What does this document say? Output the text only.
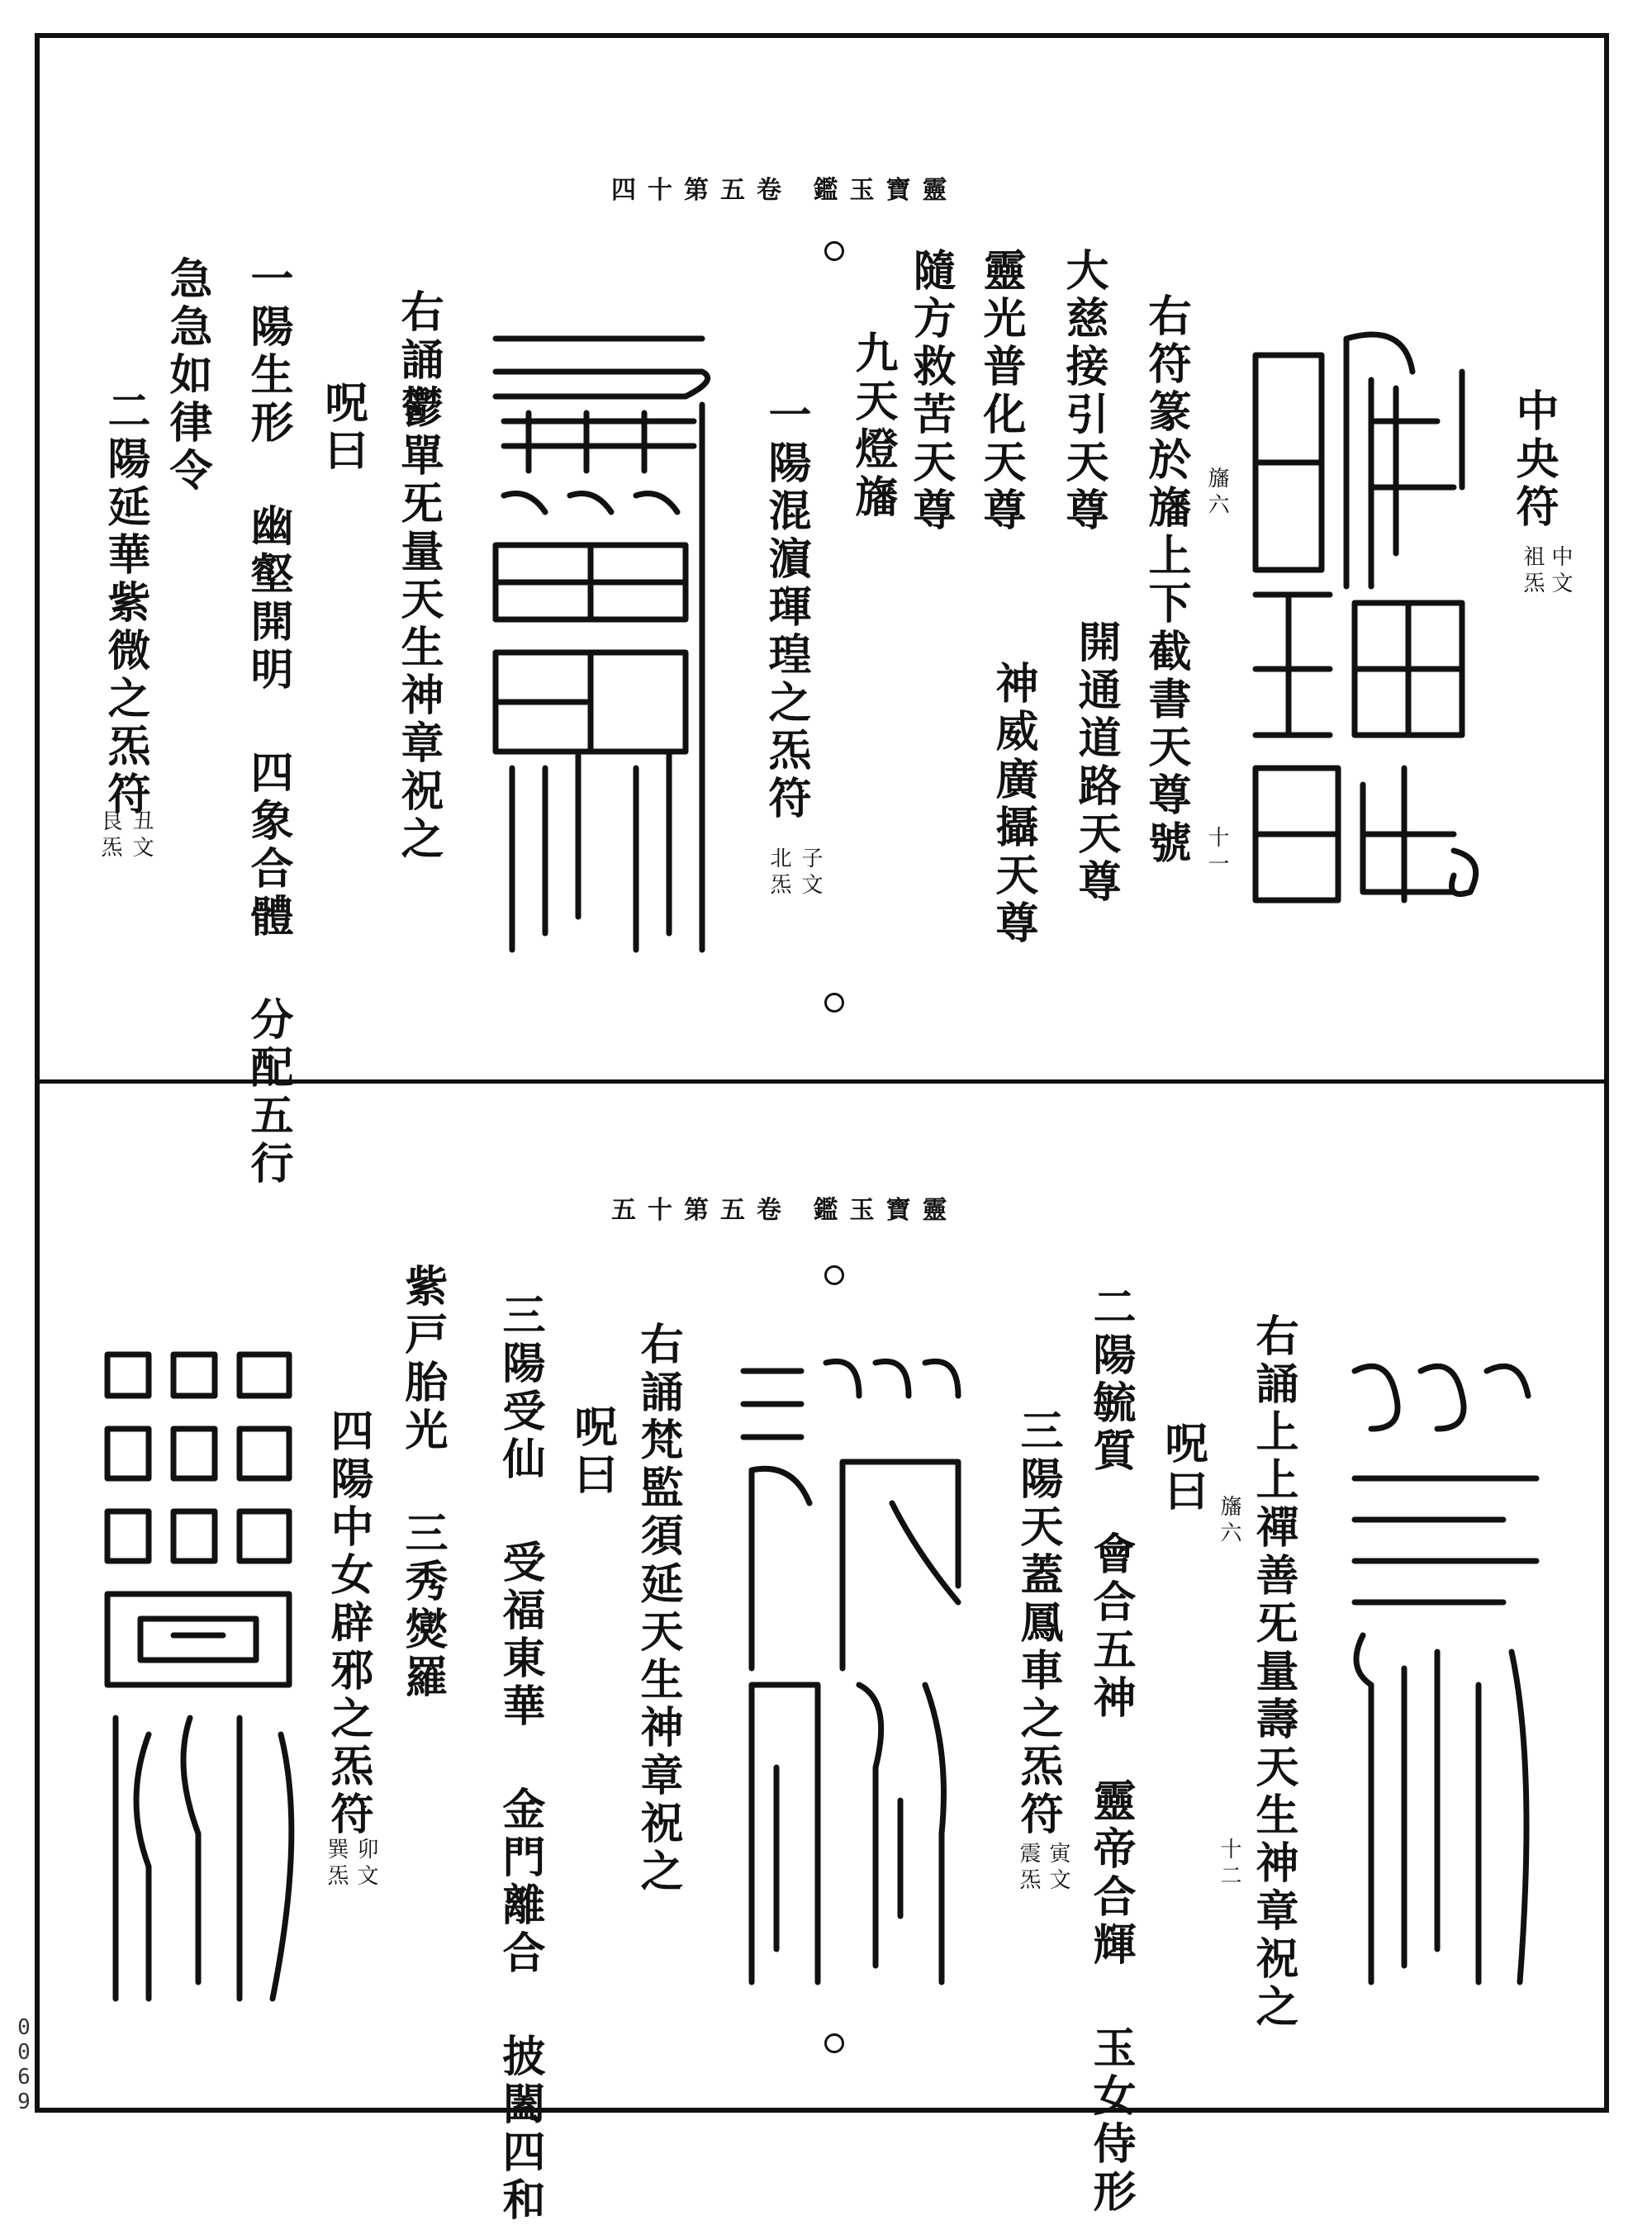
四十第五卷 鑑玉寶靈
中央符
中文
祖炁
右符篆於旛上下截書天尊號 旛六
十一
大慈接引天尊
開通道路天尊
靈光普化天尊
神威廣攝天尊
隨方救苦天尊
九天燈旛
一陽混濵琿瑝之炁符
子文
北炁
右誦鬱單旡量天生神章祝之
呪曰
一陽生形 幽壑開明 四象合體 分配五行
急急如律令
二陽延華紫微之炁符
丑文
艮炁
五十第五卷 鑑玉寶靈
右誦上上禪善旡量壽天生神章祝之
旛六
十二
呪曰
二陽毓質 會合五神 靈帝合輝 玉女侍形
三陽天蓋鳳車之炁符
寅文
震炁
右誦梵監須延天生神章祝之
呪曰
三陽受仙 受福東華 金門離合 披闔四和
紫戸胎光 三秀爕羅
四陽中女辟邪之炁符
卯文
巽炁
0069
